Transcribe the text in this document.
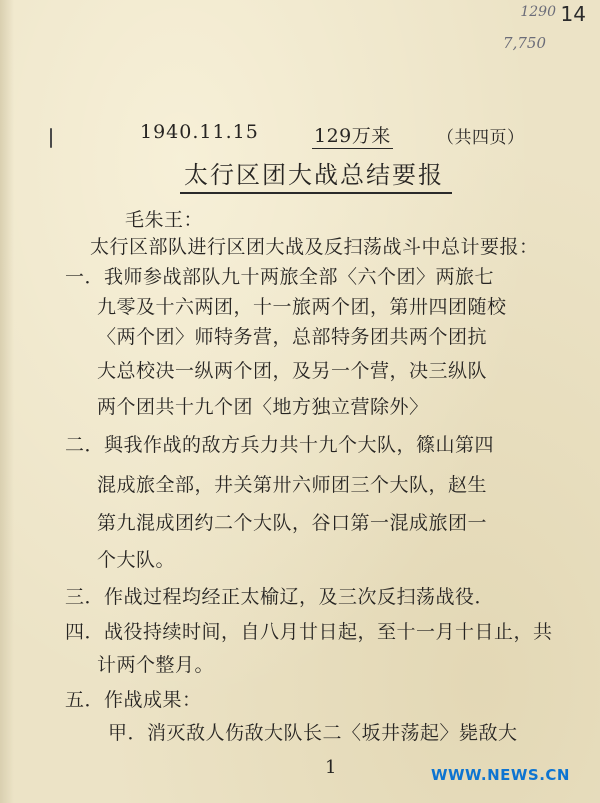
1290 14
7,750
1940.11.15	129万来	（共四页）
太行区团大战总结要报
毛朱王：
太行区部队进行区团大战及反扫荡战斗中总计要报：
一．我师参战部队九十两旅全部〈六个团〉两旅七
九零及十六两团，十一旅两个团，第卅四团随校
〈两个团〉师特务营，总部特务团共两个团抗
大总校决一纵两个团，及另一个营，决三纵队
两个团共十九个团〈地方独立营除外〉
二．與我作战的敌方兵力共十九个大队，篠山第四
混成旅全部，井关第卅六师团三个大队，赵生
第九混成团约二个大队，谷口第一混成旅团一
个大队。
三．作战过程均经正太榆辽，及三次反扫荡战役．
四．战役持续时间，自八月廿日起，至十一月十日止，共
计两个整月。
五．作战成果：
甲．消灭敌人伤敌大队长二〈坂井荡起〉毙敌大
1	WWW.NEWS.CN
